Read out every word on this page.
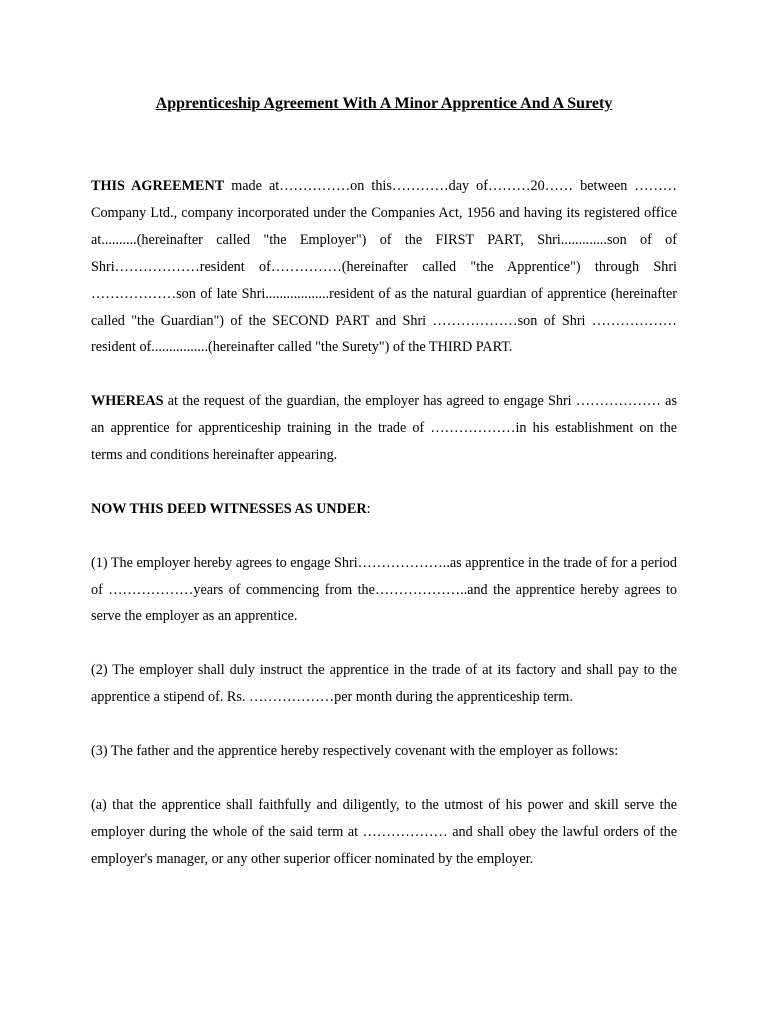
Apprenticeship Agreement With A Minor Apprentice And A Surety

THIS AGREEMENT made at……………on this…………day of………20…… between ………Company Ltd., company incorporated under the Companies Act, 1956 and having its registered office at..........(hereinafter called "the Employer") of the FIRST PART, Shri.............son of of Shri………………resident of……………(hereinafter called "the Apprentice") through Shri ………………son of late Shri..................resident of as the natural guardian of apprentice (hereinafter called "the Guardian") of the SECOND PART and Shri ………………son of Shri ………………resident of................(hereinafter called "the Surety") of the THIRD PART.

WHEREAS at the request of the guardian, the employer has agreed to engage Shri ……………… as an apprentice for apprenticeship training in the trade of ………………in his establishment on the terms and conditions hereinafter appearing.

NOW THIS DEED WITNESSES AS UNDER:

(1) The employer hereby agrees to engage Shri………………..as apprentice in the trade of for a period of ………………years of commencing from the………………..and the apprentice hereby agrees to serve the employer as an apprentice.

(2) The employer shall duly instruct the apprentice in the trade of at its factory and shall pay to the apprentice a stipend of. Rs. ………………per month during the apprenticeship term.

(3) The father and the apprentice hereby respectively covenant with the employer as follows:

(a) that the apprentice shall faithfully and diligently, to the utmost of his power and skill serve the employer during the whole of the said term at ……………… and shall obey the lawful orders of the employer's manager, or any other superior officer nominated by the employer.
